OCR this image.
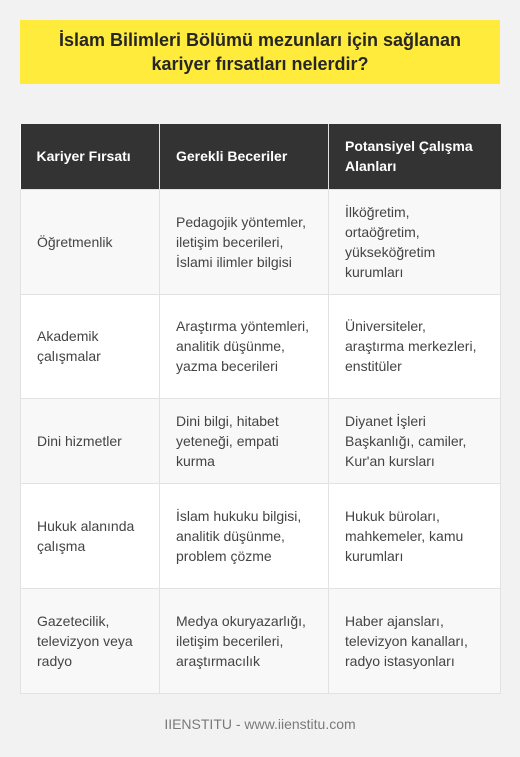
İslam Bilimleri Bölümü mezunları için sağlanan kariyer fırsatları nelerdir?
Kariyer Fırsatı	Gerekli Beceriler	Potansiyel Çalışma Alanları
Öğretmenlik	Pedagojik yöntemler, iletişim becerileri, İslami ilimler bilgisi	İlköğretim, ortaöğretim, yükseköğretim kurumları
Akademik çalışmalar	Araştırma yöntemleri, analitik düşünme, yazma becerileri	Üniversiteler, araştırma merkezleri, enstitüler
Dini hizmetler	Dini bilgi, hitabet yeteneği, empati kurma	Diyanet İşleri Başkanlığı, camiler, Kur'an kursları
Hukuk alanında çalışma	İslam hukuku bilgisi, analitik düşünme, problem çözme	Hukuk büroları, mahkemeler, kamu kurumları
Gazetecilik, televizyon veya radyo	Medya okuryazarlığı, iletişim becerileri, araştırmacılık	Haber ajansları, televizyon kanalları, radyo istasyonları
IIENSTITU - www.iienstitu.com
